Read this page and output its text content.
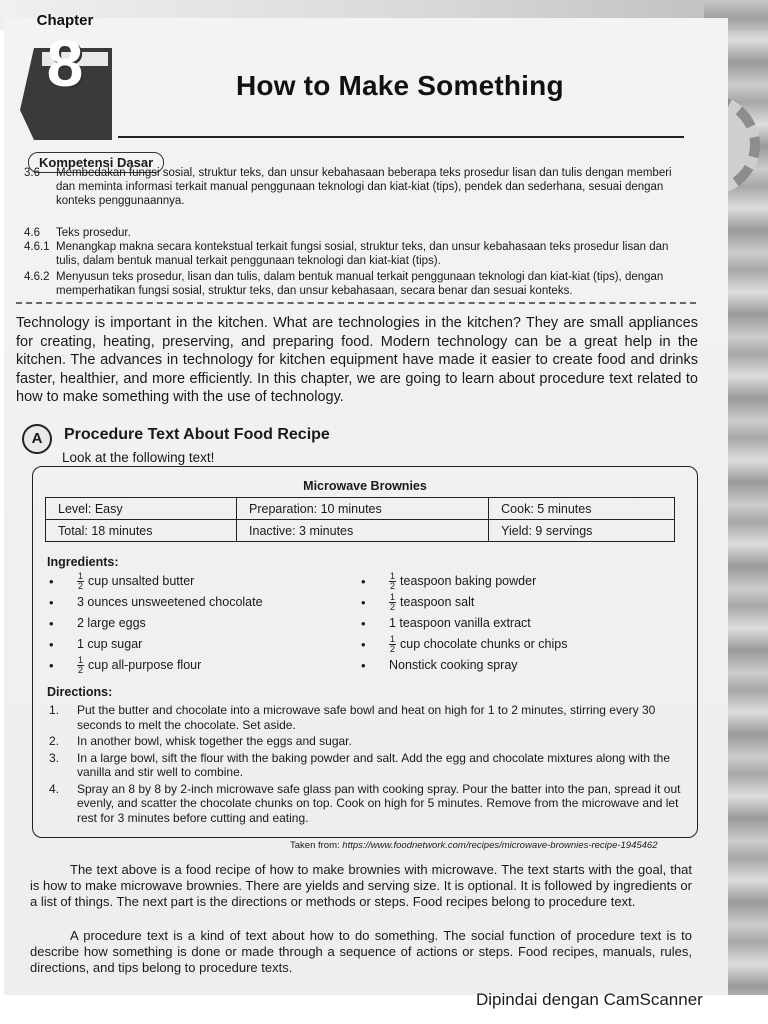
Chapter
8	How to Make Something
Kompetensi Dasar
3.6	Membedakan fungsi sosial, struktur teks, dan unsur kebahasaan beberapa teks prosedur lisan dan tulis dengan memberi dan meminta informasi terkait manual penggunaan teknologi dan kiat-kiat (tips), pendek dan sederhana, sesuai dengan konteks penggunaannya.
4.6	Teks prosedur.
4.6.1 Menangkap makna secara kontekstual terkait fungsi sosial, struktur teks, dan unsur kebahasaan teks prosedur lisan dan tulis, dalam bentuk manual terkait penggunaan teknologi dan kiat-kiat (tips).
4.6.2 Menyusun teks prosedur, lisan dan tulis, dalam bentuk manual terkait penggunaan teknologi dan kiat-kiat (tips), dengan memperhatikan fungsi sosial, struktur teks, dan unsur kebahasaan, secara benar dan sesuai konteks.
Technology is important in the kitchen. What are technologies in the kitchen? They are small appliances for creating, heating, preserving, and preparing food. Modern technology can be a great help in the kitchen. The advances in technology for kitchen equipment have made it easier to create food and drinks faster, healthier, and more efficiently. In this chapter, we are going to learn about procedure text related to how to make something with the use of technology.
A	Procedure Text About Food Recipe
Look at the following text!
Microwave Brownies
Level: Easy	Preparation: 10 minutes	Cook: 5 minutes
Total: 18 minutes	Inactive: 3 minutes	Yield: 9 servings
Ingredients:
• $\frac{1}{2}$ cup unsalted butter
• 3 ounces unsweetened chocolate
• 2 large eggs
• 1 cup sugar
• $\frac{1}{2}$ cup all-purpose flour
• $\frac{1}{2}$ teaspoon baking powder
• $\frac{1}{2}$ teaspoon salt
• 1 teaspoon vanilla extract
• $\frac{1}{2}$ cup chocolate chunks or chips
• Nonstick cooking spray
Directions:
1. Put the butter and chocolate into a microwave safe bowl and heat on high for 1 to 2 minutes, stirring every 30 seconds to melt the chocolate. Set aside.
2. In another bowl, whisk together the eggs and sugar.
3. In a large bowl, sift the flour with the baking powder and salt. Add the egg and chocolate mixtures along with the vanilla and stir well to combine.
4. Spray an 8 by 8 by 2-inch microwave safe glass pan with cooking spray. Pour the batter into the pan, spread it out evenly, and scatter the chocolate chunks on top. Cook on high for 5 minutes. Remove from the microwave and let rest for 3 minutes before cutting and eating.
Taken from: https://www.foodnetwork.com/recipes/microwave-brownies-recipe-1945462
The text above is a food recipe of how to make brownies with microwave. The text starts with the goal, that is how to make microwave brownies. There are yields and serving size. It is optional. It is followed by ingredients or a list of things. The next part is the directions or methods or steps. Food recipes belong to procedure text.
A procedure text is a kind of text about how to do something. The social function of procedure text is to describe how something is done or made through a sequence of actions or steps. Food recipes, manuals, rules, directions, and tips belong to procedure texts.
Dipindai dengan CamScanner
